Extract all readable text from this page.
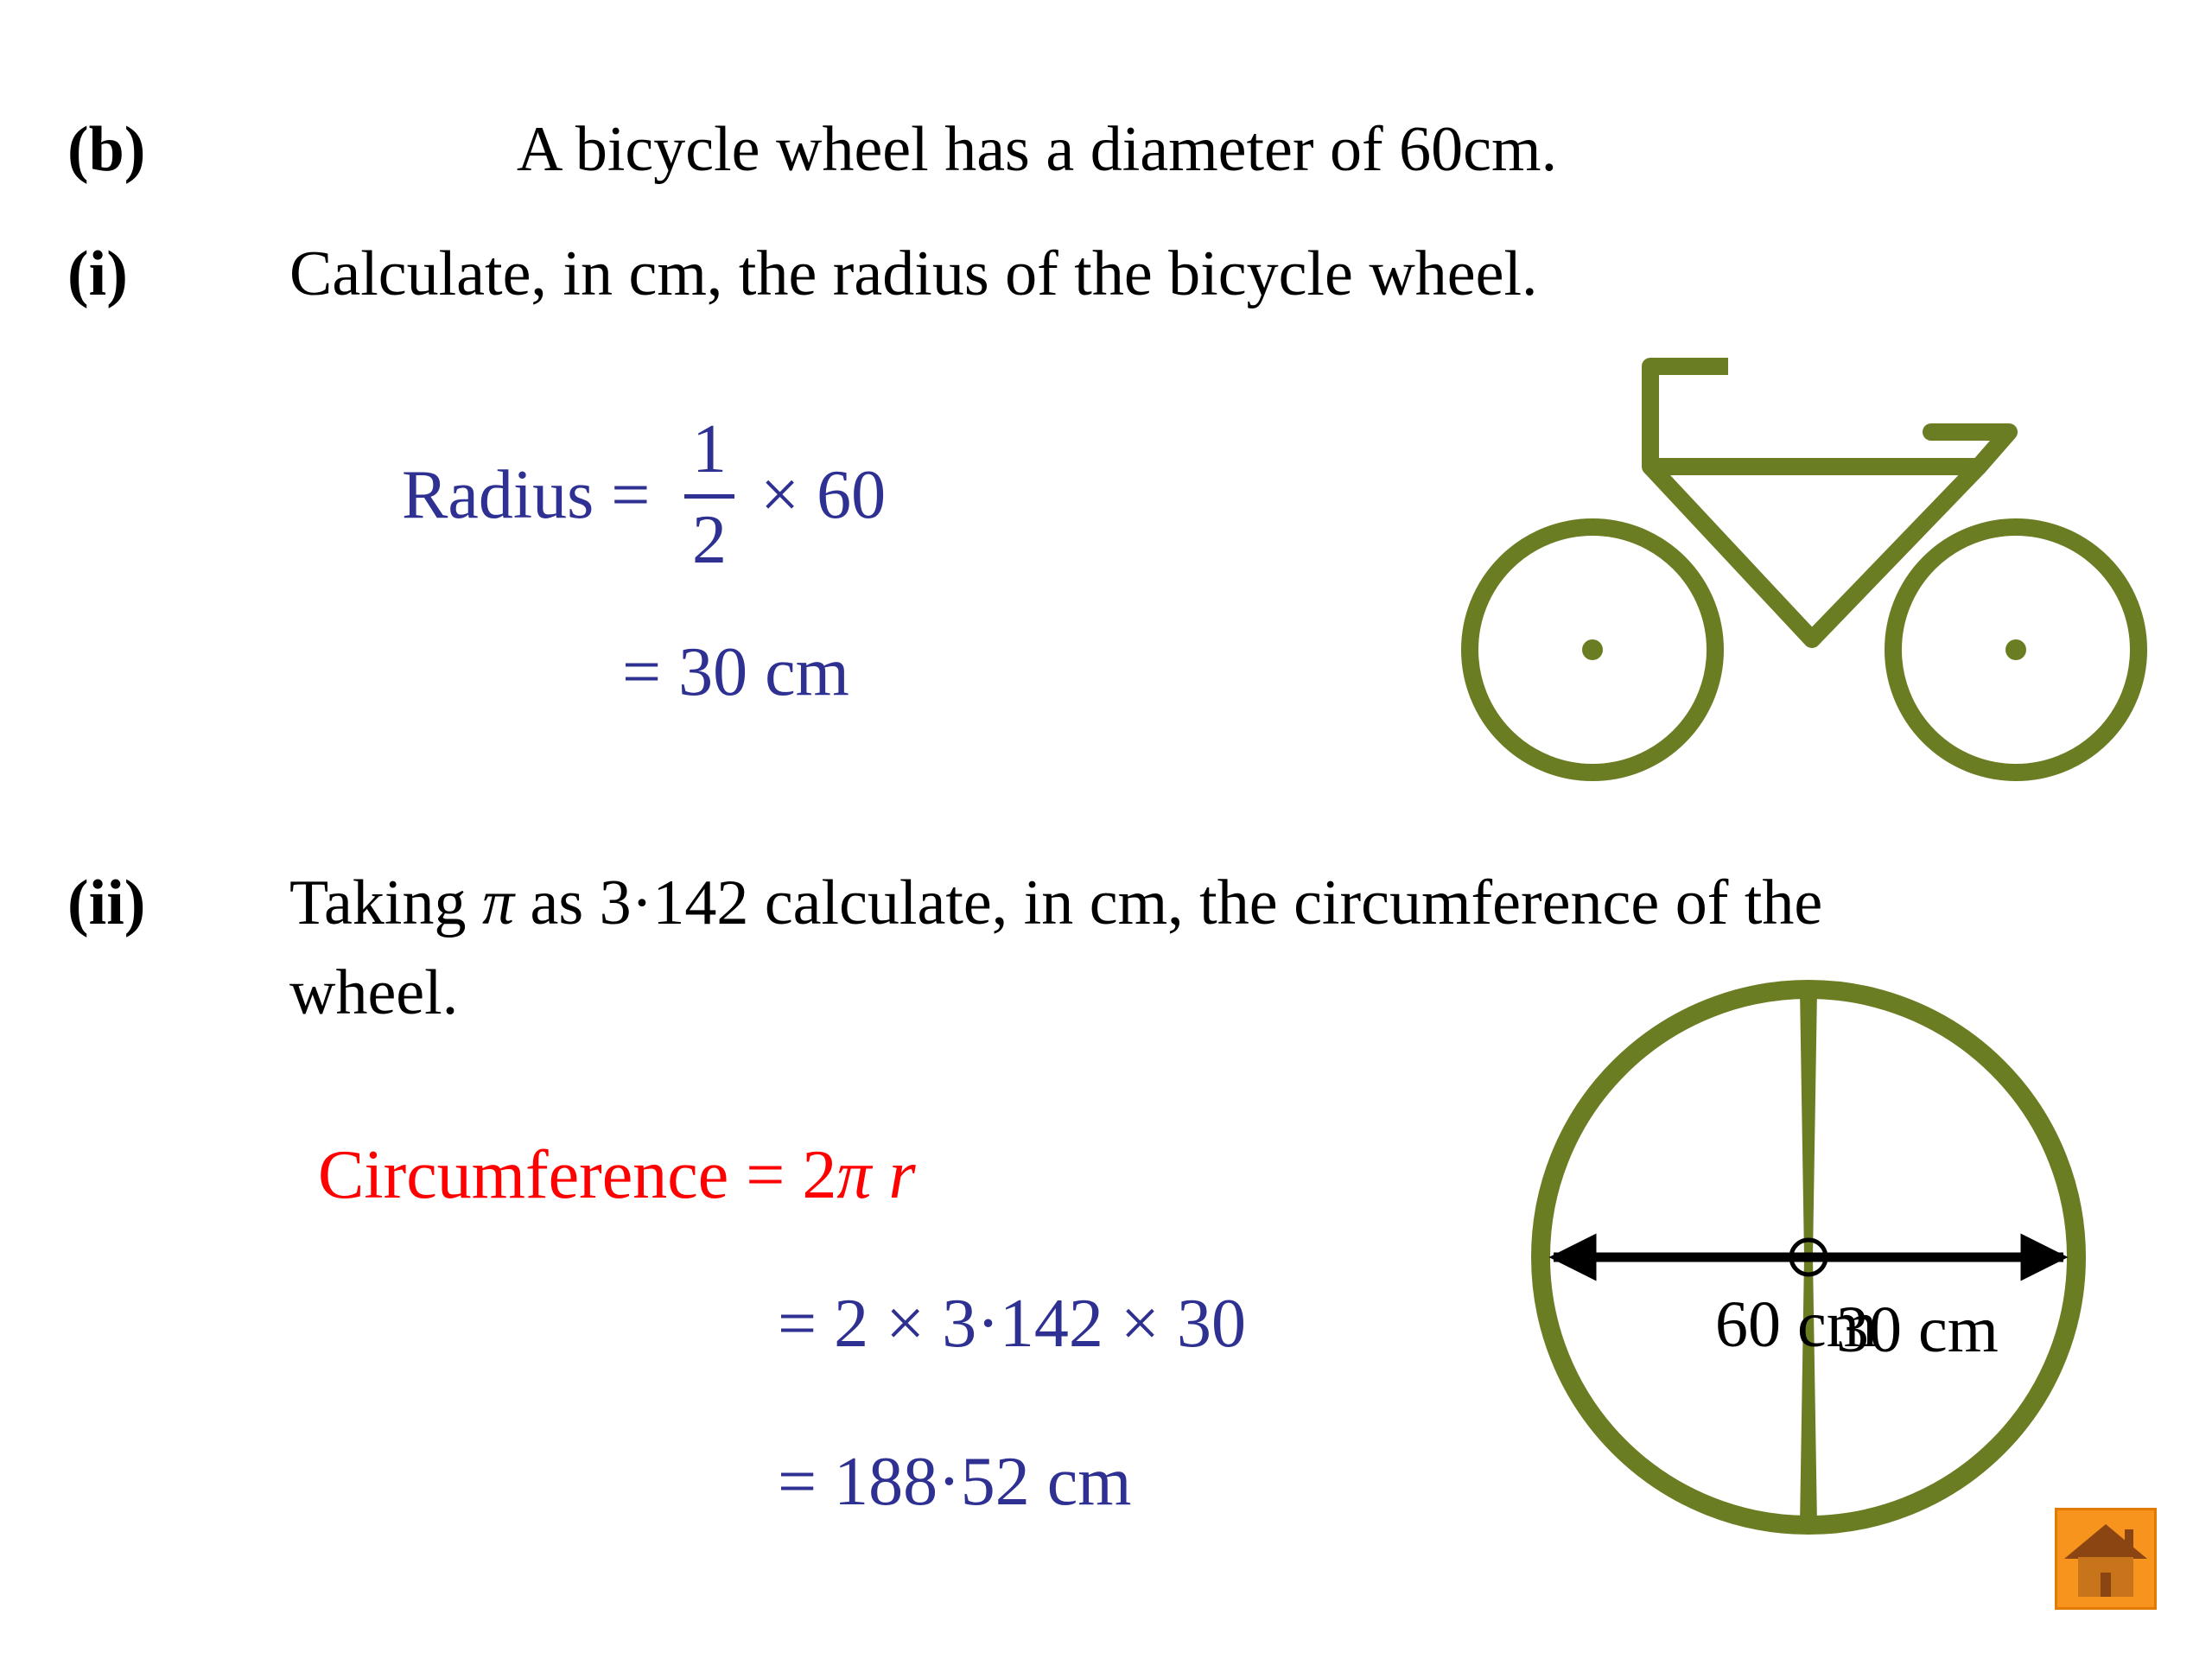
(b)	A bicycle wheel has a diameter of 60cm.
(i)	Calculate, in cm, the radius of the bicycle wheel.
Radius =
1
2
× 60
= 30 cm
(ii) Taking π as 3·142 calculate, in cm, the circumference of the
wheel.
Circumference = 2π r
= 2 × 3·142 × 30
= 188·52 cm
60 cm
30 cm
